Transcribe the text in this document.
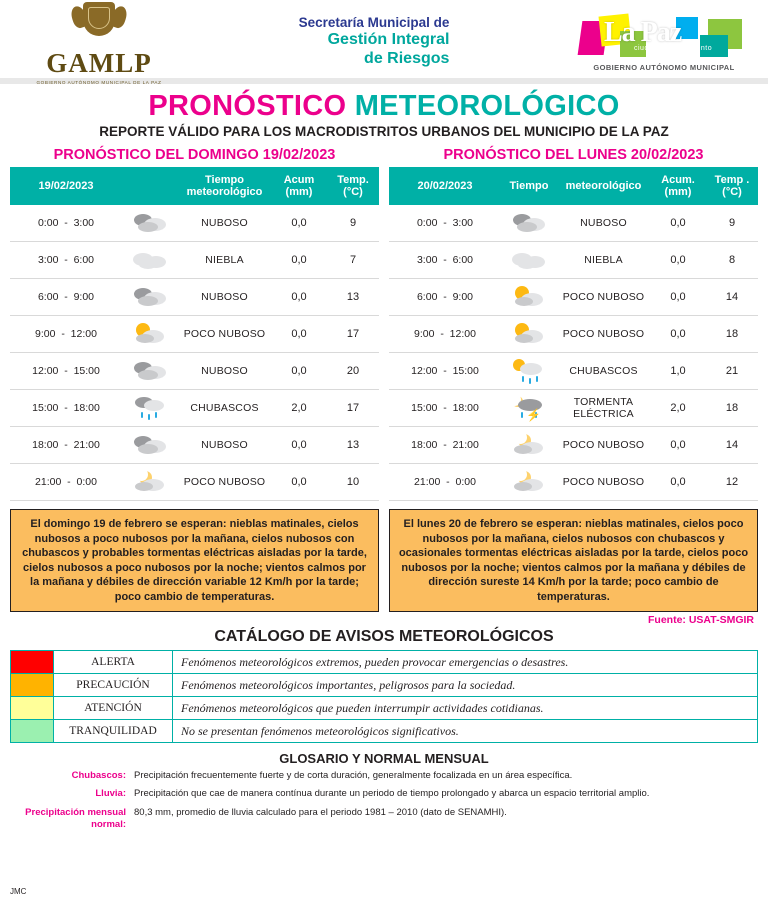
GAMLP
GOBIERNO AUTÓNOMO MUNICIPAL DE LA PAZ
Secretaría Municipal de
Gestión Integral
de Riesgos
La Paz
ciudad en movimiento
GOBIERNO AUTÓNOMO MUNICIPAL
PRONÓSTICO METEOROLÓGICO
REPORTE VÁLIDO PARA LOS MACRODISTRITOS URBANOS DEL MUNICIPIO DE LA PAZ
PRONÓSTICO DEL DOMINGO 19/02/2023	PRONÓSTICO DEL LUNES 20/02/2023
19/02/2023		Tiempo meteorológico	
Acum
(mm)

Temp.
(°C)

0:00  -  3:00		NUBOSO	0,0	9
3:00  -  6:00		NIEBLA	0,0	7
6:00  -  9:00		NUBOSO	0,0	13
9:00  -  12:00		POCO NUBOSO	0,0	17
12:00  -  15:00		NUBOSO	0,0	20
15:00  -  18:00		CHUBASCOS	2,0	17
18:00  -  21:00		NUBOSO	0,0	13
21:00  -  0:00		POCO NUBOSO	0,0	10
20/02/2023	Tiempo	meteorológico	Acum.
(mm)

Temp .
(°C)

0:00  -  3:00		NUBOSO	0,0	9
3:00  -  6:00		NIEBLA	0,0	8
6:00  -  9:00		POCO NUBOSO	0,0	14
9:00  -  12:00		POCO NUBOSO	0,0	18
12:00  -  15:00		CHUBASCOS	1,0	21
15:00  -  18:00	⚡	TORMENTA ELÉCTRICA	2,0	18
18:00  -  21:00		POCO NUBOSO	0,0	14
21:00  -  0:00		POCO NUBOSO	0,0	12
El domingo 19 de febrero se esperan: nieblas matinales, cielos nubosos a poco nubosos por la mañana, cielos nubosos con chubascos y probables tormentas eléctricas aisladas por la tarde, cielos nubosos a poco nubosos por la noche; vientos calmos por la mañana y débiles de dirección variable 12 Km/h por la tarde; poco cambio de temperaturas.
El lunes 20 de febrero se esperan: nieblas matinales, cielos poco nubosos por la mañana, cielos nubosos con chubascos y ocasionales tormentas eléctricas aisladas por la tarde, cielos poco nubosos por la noche; vientos calmos por la mañana y débiles de dirección sureste 14 Km/h por la tarde; poco cambio de temperaturas.
Fuente: USAT-SMGIR
CATÁLOGO DE AVISOS METEOROLÓGICOS
ALERTA	Fenómenos meteorológicos extremos, pueden provocar emergencias o desastres.
PRECAUCIÓN	Fenómenos meteorológicos importantes, peligrosos para la sociedad.
ATENCIÓN	Fenómenos meteorológicos que pueden interrumpir actividades cotidianas.
TRANQUILIDAD	No se presentan fenómenos meteorológicos significativos.
GLOSARIO Y NORMAL MENSUAL
Chubascos: Precipitación frecuentemente fuerte y de corta duración, generalmente focalizada en un área específica.
Lluvia: Precipitación que cae de manera contínua durante un periodo de tiempo prolongado y abarca un espacio territorial amplio.
Precipitación mensual normal:
80,3 mm, promedio de lluvia calculado para el periodo 1981 – 2010 (dato de SENAMHI).
JMC
